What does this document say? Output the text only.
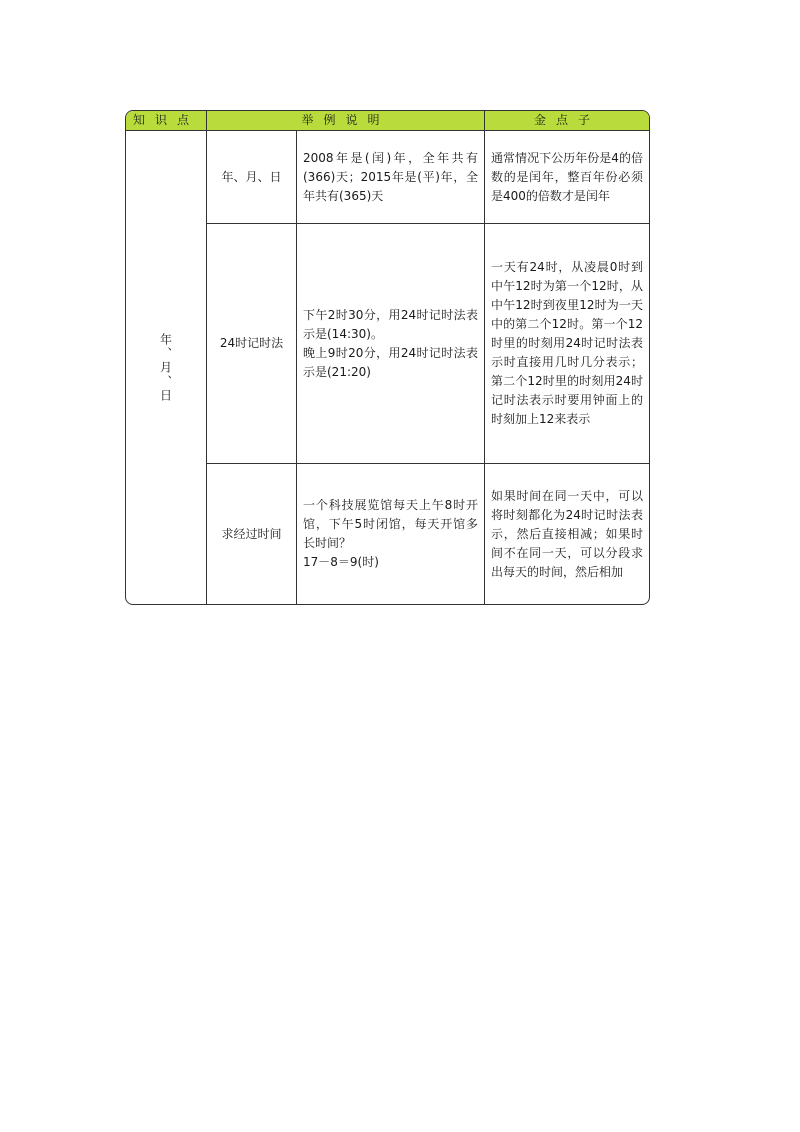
知识点	举例说明	金点子
年、月、日
年、月、日

2008年是(闰)年，全年共有(366)天；2015年是(平)年，全年共有(365)天

通常情况下公历年份是4的倍数的是闰年，整百年份必须是400的倍数才是闰年

24时记时法

下午2时30分，用24时记时法表示是(14:30)。

晚上9时20分，用24时记时法表示是(21:20)

一天有24时，从凌晨0时到中午12时为第一个12时，从中午12时到夜里12时为一天中的第二个12时。第一个12时里的时刻用24时记时法表示时直接用几时几分表示；第二个12时里的时刻用24时记时法表示时要用钟面上的时刻加上12来表示

求经过时间

一个科技展览馆每天上午8时开馆，下午5时闭馆，每天开馆多长时间？

17－8＝9(时)

如果时间在同一天中，可以将时刻都化为24时记时法表示，然后直接相减；如果时间不在同一天，可以分段求出每天的时间，然后相加
